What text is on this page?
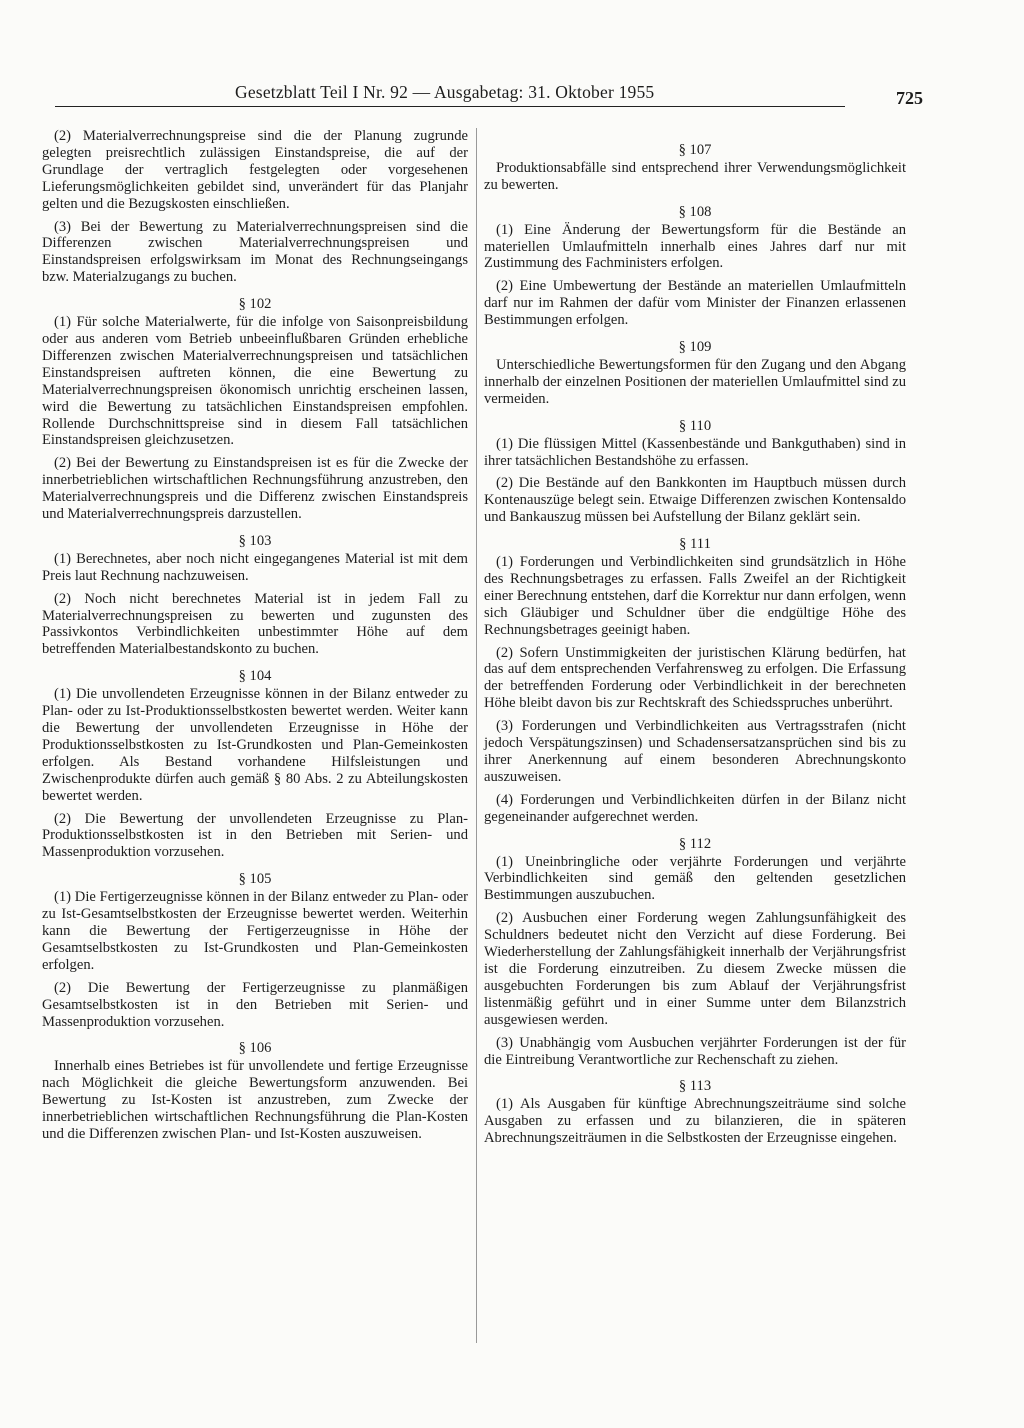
Gesetzblatt Teil I Nr. 92 — Ausgabetag: 31. Oktober 1955	725

(2) Materialverrechnungspreise sind die der Planung zugrunde gelegten preisrechtlich zulässigen Einstandspreise, die auf der Grundlage der vertraglich festgelegten oder vorgesehenen Lieferungsmöglichkeiten gebildet sind, unverändert für das Planjahr gelten und die Bezugskosten einschließen.

(3) Bei der Bewertung zu Materialverrechnungspreisen sind die Differenzen zwischen Materialverrechnungspreisen und Einstandspreisen erfolgswirksam im Monat des Rechnungseingangs bzw. Materialzugangs zu buchen.

§ 102

(1) Für solche Materialwerte, für die infolge von Saisonpreisbildung oder aus anderen vom Betrieb unbeeinflußbaren Gründen erhebliche Differenzen zwischen Materialverrechnungspreisen und tatsächlichen Einstandspreisen auftreten können, die eine Bewertung zu Materialverrechnungspreisen ökonomisch unrichtig erscheinen lassen, wird die Bewertung zu tatsächlichen Einstandspreisen empfohlen. Rollende Durchschnittspreise sind in diesem Fall tatsächlichen Einstandspreisen gleichzusetzen.

(2) Bei der Bewertung zu Einstandspreisen ist es für die Zwecke der innerbetrieblichen wirtschaftlichen Rechnungsführung anzustreben, den Materialverrechnungspreis und die Differenz zwischen Einstandspreis und Materialverrechnungspreis darzustellen.

§ 103

(1) Berechnetes, aber noch nicht eingegangenes Material ist mit dem Preis laut Rechnung nachzuweisen.

(2) Noch nicht berechnetes Material ist in jedem Fall zu Materialverrechnungspreisen zu bewerten und zugunsten des Passivkontos Verbindlichkeiten unbestimmter Höhe auf dem betreffenden Materialbestandskonto zu buchen.

§ 104

(1) Die unvollendeten Erzeugnisse können in der Bilanz entweder zu Plan- oder zu Ist-Produktionsselbstkosten bewertet werden. Weiter kann die Bewertung der unvollendeten Erzeugnisse in Höhe der Produktionsselbstkosten zu Ist-Grundkosten und Plan-Gemeinkosten erfolgen. Als Bestand vorhandene Hilfsleistungen und Zwischenprodukte dürfen auch gemäß § 80 Abs. 2 zu Abteilungskosten bewertet werden.

(2) Die Bewertung der unvollendeten Erzeugnisse zu Plan-Produktionsselbstkosten ist in den Betrieben mit Serien- und Massenproduktion vorzusehen.

§ 105

(1) Die Fertigerzeugnisse können in der Bilanz entweder zu Plan- oder zu Ist-Gesamtselbstkosten der Erzeugnisse bewertet werden. Weiterhin kann die Bewertung der Fertigerzeugnisse in Höhe der Gesamtselbstkosten zu Ist-Grundkosten und Plan-Gemeinkosten erfolgen.

(2) Die Bewertung der Fertigerzeugnisse zu planmäßigen Gesamtselbstkosten ist in den Betrieben mit Serien- und Massenproduktion vorzusehen.

§ 106

Innerhalb eines Betriebes ist für unvollendete und fertige Erzeugnisse nach Möglichkeit die gleiche Bewertungsform anzuwenden. Bei Bewertung zu Ist-Kosten ist anzustreben, zum Zwecke der innerbetrieblichen wirtschaftlichen Rechnungsführung die Plan-Kosten und die Differenzen zwischen Plan- und Ist-Kosten auszuweisen.

§ 107

Produktionsabfälle sind entsprechend ihrer Verwendungsmöglichkeit zu bewerten.

§ 108

(1) Eine Änderung der Bewertungsform für die Bestände an materiellen Umlaufmitteln innerhalb eines Jahres darf nur mit Zustimmung des Fachministers erfolgen.

(2) Eine Umbewertung der Bestände an materiellen Umlaufmitteln darf nur im Rahmen der dafür vom Minister der Finanzen erlassenen Bestimmungen erfolgen.

§ 109

Unterschiedliche Bewertungsformen für den Zugang und den Abgang innerhalb der einzelnen Positionen der materiellen Umlaufmittel sind zu vermeiden.

§ 110

(1) Die flüssigen Mittel (Kassenbestände und Bankguthaben) sind in ihrer tatsächlichen Bestandshöhe zu erfassen.

(2) Die Bestände auf den Bankkonten im Hauptbuch müssen durch Kontenauszüge belegt sein. Etwaige Differenzen zwischen Kontensaldo und Bankauszug müssen bei Aufstellung der Bilanz geklärt sein.

§ 111

(1) Forderungen und Verbindlichkeiten sind grundsätzlich in Höhe des Rechnungsbetrages zu erfassen. Falls Zweifel an der Richtigkeit einer Berechnung entstehen, darf die Korrektur nur dann erfolgen, wenn sich Gläubiger und Schuldner über die endgültige Höhe des Rechnungsbetrages geeinigt haben.

(2) Sofern Unstimmigkeiten der juristischen Klärung bedürfen, hat das auf dem entsprechenden Verfahrensweg zu erfolgen. Die Erfassung der betreffenden Forderung oder Verbindlichkeit in der berechneten Höhe bleibt davon bis zur Rechtskraft des Schiedsspruches unberührt.

(3) Forderungen und Verbindlichkeiten aus Vertragsstrafen (nicht jedoch Verspätungszinsen) und Schadensersatzansprüchen sind bis zu ihrer Anerkennung auf einem besonderen Abrechnungskonto auszuweisen.

(4) Forderungen und Verbindlichkeiten dürfen in der Bilanz nicht gegeneinander aufgerechnet werden.

§ 112

(1) Uneinbringliche oder verjährte Forderungen und verjährte Verbindlichkeiten sind gemäß den geltenden gesetzlichen Bestimmungen auszubuchen.

(2) Ausbuchen einer Forderung wegen Zahlungsunfähigkeit des Schuldners bedeutet nicht den Verzicht auf diese Forderung. Bei Wiederherstellung der Zahlungsfähigkeit innerhalb der Verjährungsfrist ist die Forderung einzutreiben. Zu diesem Zwecke müssen die ausgebuchten Forderungen bis zum Ablauf der Verjährungsfrist listenmäßig geführt und in einer Summe unter dem Bilanzstrich ausgewiesen werden.

(3) Unabhängig vom Ausbuchen verjährter Forderungen ist der für die Eintreibung Verantwortliche zur Rechenschaft zu ziehen.

§ 113

(1) Als Ausgaben für künftige Abrechnungszeiträume sind solche Ausgaben zu erfassen und zu bilanzieren, die in späteren Abrechnungszeiträumen in die Selbstkosten der Erzeugnisse eingehen.
